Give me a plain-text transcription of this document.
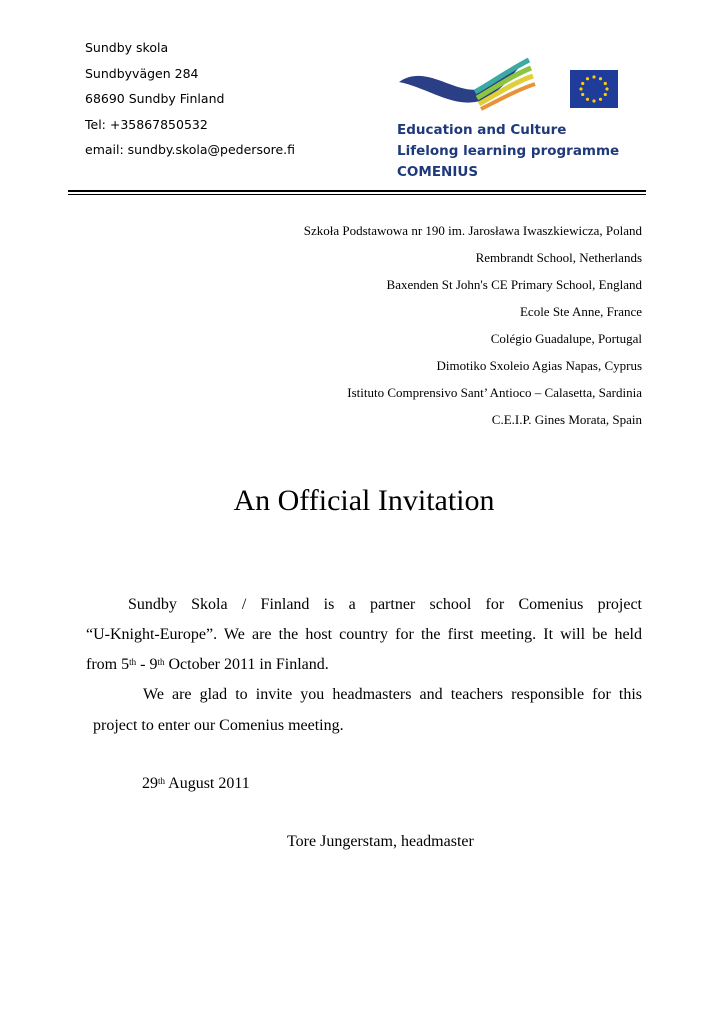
Sundby skola
Sundbyvägen 284
68690 Sundby Finland
Tel: +35867850532
email: sundby.skola@pedersore.fi
Education and Culture
Lifelong learning programme
COMENIUS
Szkoła Podstawowa nr 190 im. Jarosława Iwaszkiewicza, Poland
Rembrandt School, Netherlands
Baxenden St John's CE Primary School, England
Ecole Ste Anne, France
Colégio Guadalupe, Portugal
Dimotiko Sxoleio Agias Napas, Cyprus
Istituto Comprensivo Sant’ Antioco – Calasetta, Sardinia
C.E.I.P. Gines Morata, Spain
An Official Invitation
Sundby Skola / Finland is a partner school for Comenius project
“U-Knight-Europe”. We are the host country for the first meeting. It will be held
from 5th - 9th October 2011 in Finland.
We are glad to invite you headmasters and teachers responsible for this
project to enter our Comenius meeting.
29th August 2011
Tore Jungerstam, headmaster
